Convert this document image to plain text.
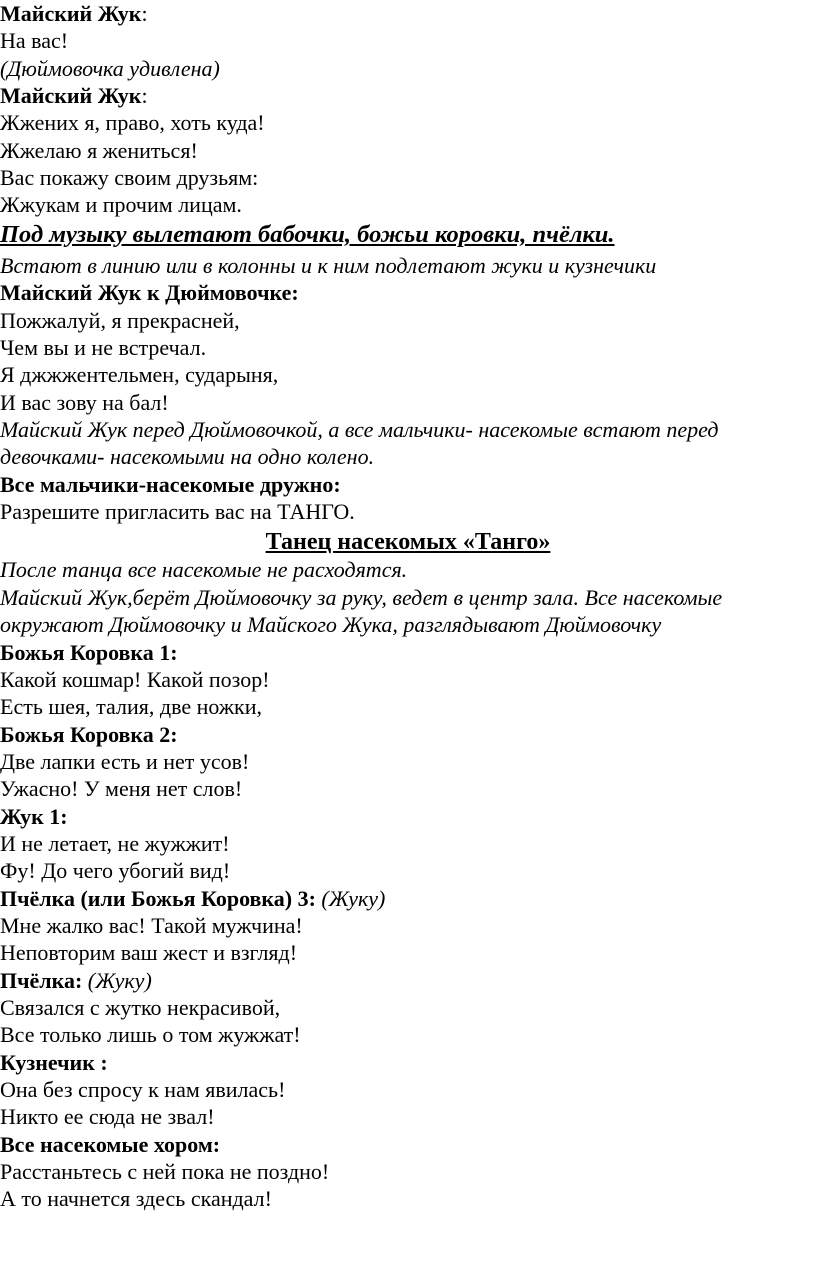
Майский Жук:
На вас!
(Дюймовочка удивлена)
Майский Жук:
Жжених я, право, хоть куда!
Жжелаю я жениться!
Вас покажу своим друзьям:
Жжукам и прочим лицам.
Под музыку вылетают бабочки, божьи коровки, пчёлки.
Встают в линию или в колонны и к ним подлетают жуки и кузнечики
Майский Жук к Дюймовочке:
Пожжалуй, я прекрасней,
Чем вы и не встречал.
Я джжжентельмен, сударыня,
И вас зову на бал!
Майский Жук перед Дюймовочкой, а все мальчики- насекомые встают перед
девочками- насекомыми на одно колено.
Все мальчики-насекомые дружно:
Разрешите пригласить вас на ТАНГО.
Танец насекомых «Танго»
После танца все насекомые не расходятся.
Майский Жук,берёт Дюймовочку за руку, ведет в центр зала. Все насекомые
окружают Дюймовочку и Майского Жука, разглядывают Дюймовочку
Божья Коровка 1:
Какой кошмар! Какой позор!
Есть шея, талия, две ножки,
Божья Коровка 2:
Две лапки есть и нет усов!
Ужасно! У меня нет слов!
Жук 1:
И не летает, не жужжит!
Фу! До чего убогий вид!
Пчёлка (или Божья Коровка) 3: (Жуку)
Мне жалко вас! Такой мужчина!
Неповторим ваш жест и взгляд!
Пчёлка: (Жуку)
Связался с жутко некрасивой,
Все только лишь о том жужжат!
Кузнечик :
Она без спросу к нам явилась!
Никто ее сюда не звал!
Все насекомые хором:
Расстаньтесь с ней пока не поздно!
А то начнется здесь скандал!
